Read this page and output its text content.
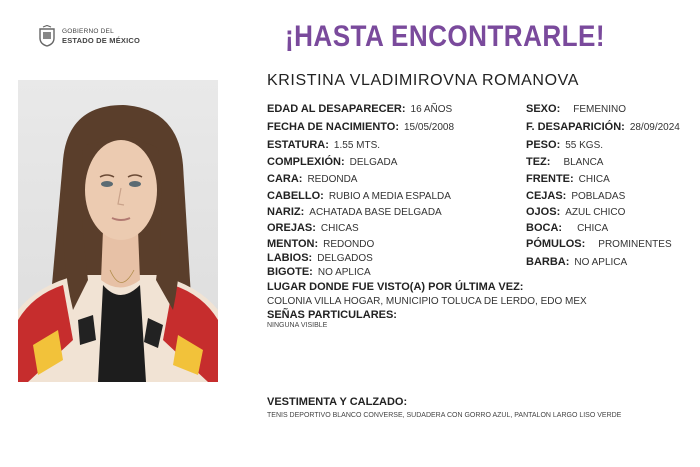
GOBIERNO DEL
ESTADO DE MÉXICO	¡HASTA ENCONTRARLE!
KRISTINA VLADIMIROVNA ROMANOVA
EDAD AL DESAPARECER: 16 AÑOS
FECHA DE NACIMIENTO: 15/05/2008
ESTATURA: 1.55 MTS.
COMPLEXIÓN: DELGADA
CARA: REDONDA
CABELLO: RUBIO A MEDIA ESPALDA
NARIZ: ACHATADA BASE DELGADA
OREJAS: CHICAS
MENTON: REDONDO
LABIOS: DELGADOS
BIGOTE: NO APLICA
SEXO: FEMENINO
F. DESAPARICIÓN: 28/09/2024
PESO: 55 KGS.
TEZ: BLANCA
FRENTE: CHICA
CEJAS: POBLADAS
OJOS: AZUL CHICO
BOCA: CHICA
PÓMULOS: PROMINENTES
BARBA: NO APLICA
LUGAR DONDE FUE VISTO(A) POR ÚLTIMA VEZ:
COLONIA VILLA HOGAR, MUNICIPIO TOLUCA DE LERDO, EDO MEX
SEÑAS PARTICULARES:
NINGUNA VISIBLE
VESTIMENTA Y CALZADO:
TENIS DEPORTIVO BLANCO CONVERSE, SUDADERA CON GORRO AZUL, PANTALON LARGO LISO VERDE
